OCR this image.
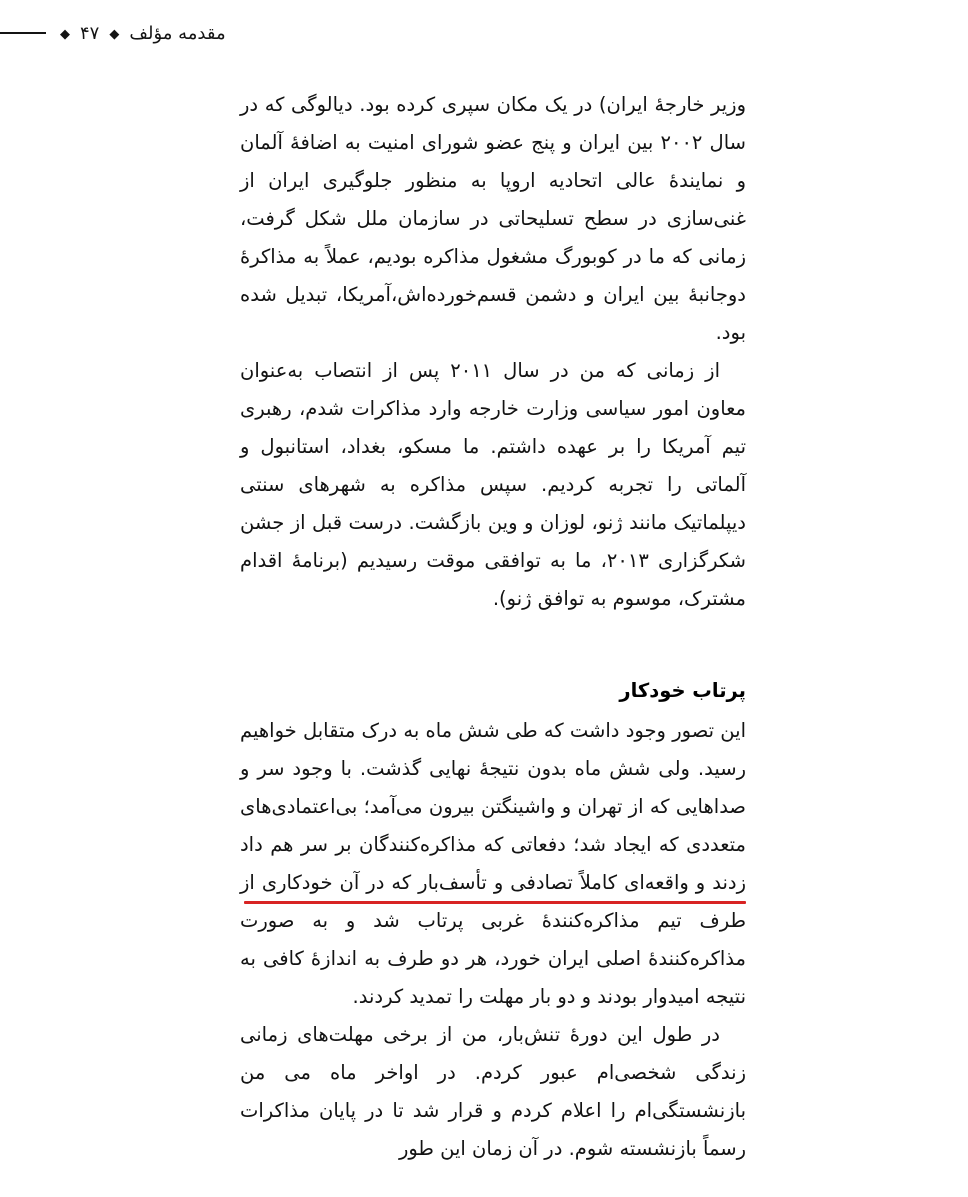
مقدمه مؤلف
◆
۴۷
◆

وزیر خارجۀ ایران) در یک مکان سپری کرده بود. دیالوگی که در سال ۲۰۰۲ بین ایران و پنج عضو شورای امنیت به اضافۀ آلمان و نمایندۀ عالی اتحادیه اروپا به منظور جلوگیری ایران از غنی‌سازی در سطح تسلیحاتی در سازمان ملل شکل گرفت، زمانی که ما در کوبورگ مشغول مذاکره بودیم، عملاً به مذاکرۀ دوجانبۀ بین ایران و دشمن قسم‌خورده‌اش،آمریکا، تبدیل شده بود.

از زمانی که من در سال ۲۰۱۱ پس از انتصاب به‌عنوان معاون امور سیاسی وزارت خارجه وارد مذاکرات شدم، رهبری تیم آمریکا را بر عهده داشتم. ما مسکو، بغداد، استانبول و آلماتی را تجربه کردیم. سپس مذاکره به شهرهای سنتی دیپلماتیک مانند ژنو، لوزان و وین بازگشت. درست قبل از جشن شکرگزاری ۲۰۱۳، ما به توافقی موقت رسیدیم (برنامۀ اقدام مشترک، موسوم به توافق ژنو).

پرتاب خودکار

این تصور وجود داشت که طی شش ماه به درک متقابل خواهیم رسید. ولی شش ماه بدون نتیجۀ نهایی گذشت. با وجود سر و صداهایی که از تهران و واشینگتن بیرون می‌آمد؛ بی‌اعتمادی‌های متعددی که ایجاد شد؛ دفعاتی که مذاکره‌کنندگان بر سر هم داد زدند و واقعه‌ای کاملاً تصادفی و تأسف‌بار که در آن خودکاری از طرف تیم مذاکره‌کنندۀ غربی پرتاب شد و به صورت مذاکره‌کنندۀ اصلی ایران خورد، هر دو طرف به اندازۀ کافی به نتیجه امیدوار بودند و دو بار مهلت را تمدید کردند.

در طول این دورۀ تنش‌بار، من از برخی مهلت‌های زمانی زندگی شخصی‌ام عبور کردم. در اواخر ماه می من بازنشستگی‌ام را اعلام کردم و قرار شد تا در پایان مذاکرات رسماً بازنشسته شوم. در آن زمان این طور
